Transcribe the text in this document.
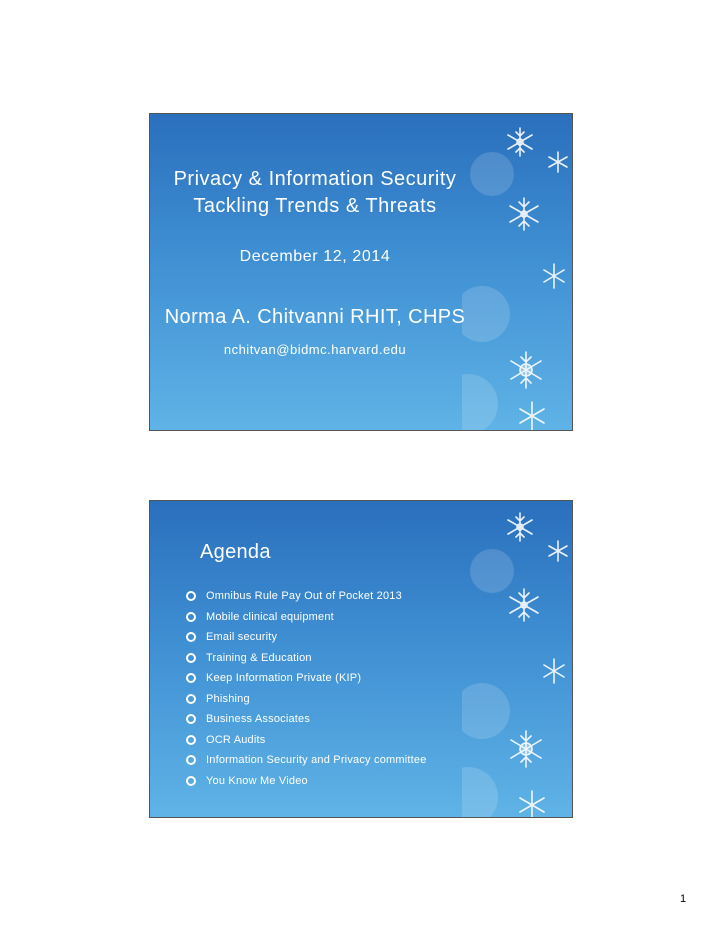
Privacy & Information Security
Tackling Trends & Threats
December 12, 2014
Norma A. Chitvanni RHIT, CHPS
nchitvan@bidmc.harvard.edu
Agenda
Omnibus Rule Pay Out of Pocket 2013
Mobile clinical equipment
Email security
Training & Education
Keep Information Private (KIP)
Phishing
Business Associates
OCR Audits
Information Security and Privacy committee
You Know Me Video
1
